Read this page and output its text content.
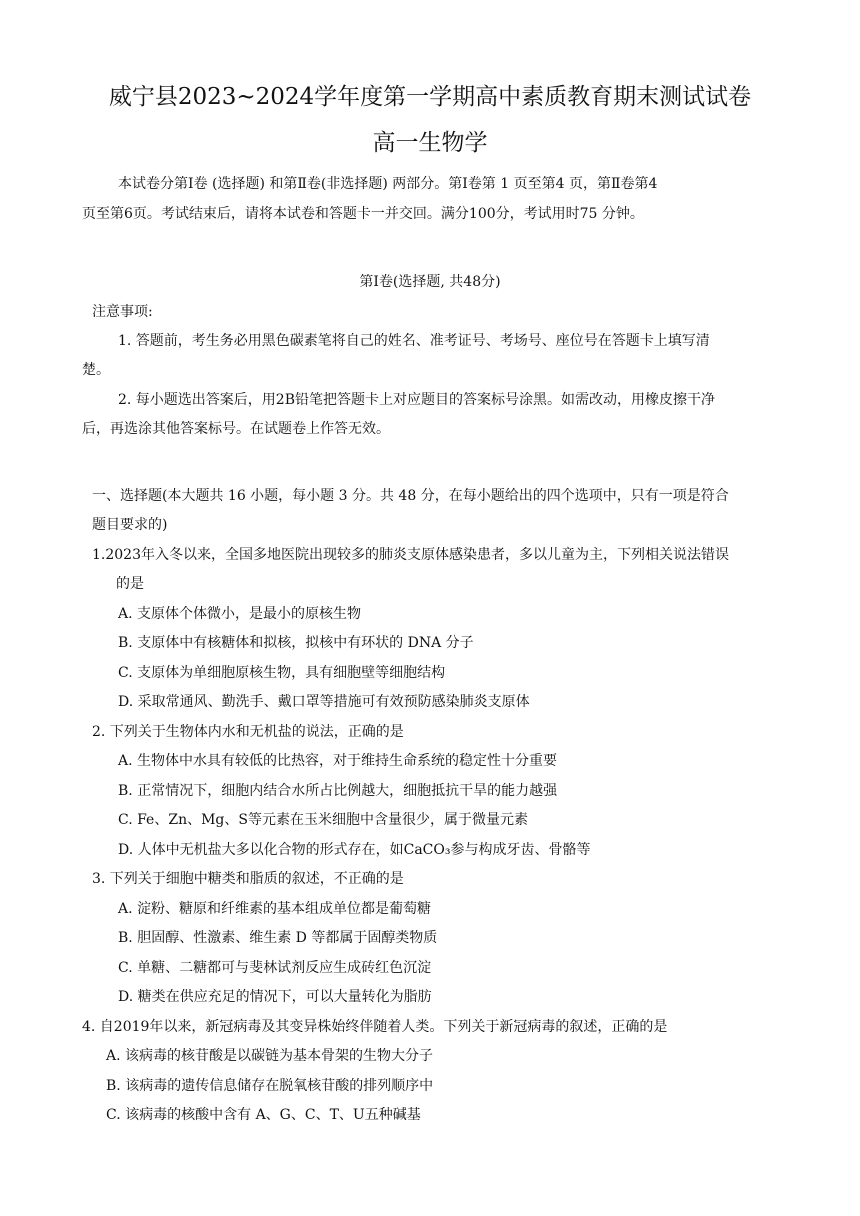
威宁县2023~2024学年度第一学期高中素质教育期末测试试卷
高一生物学
本试卷分第Ⅰ卷 (选择题) 和第Ⅱ卷(非选择题) 两部分。第Ⅰ卷第 1 页至第4 页，第Ⅱ卷第4
页至第6页。考试结束后，请将本试卷和答题卡一并交回。满分100分，考试用时75 分钟。
第Ⅰ卷(选择题, 共48分)
注意事项:
1. 答题前，考生务必用黑色碳素笔将自己的姓名、准考证号、考场号、座位号在答题卡上填写清
楚。
2. 每小题选出答案后，用2B铅笔把答题卡上对应题目的答案标号涂黑。如需改动，用橡皮擦干净
后，再选涂其他答案标号。在试题卷上作答无效。
一、选择题(本大题共 16 小题，每小题 3 分。共 48 分，在每小题给出的四个选项中，只有一项是符合
题目要求的)
1.2023年入冬以来，全国多地医院出现较多的肺炎支原体感染患者，多以儿童为主，下列相关说法错误
的是
A. 支原体个体微小，是最小的原核生物
B. 支原体中有核糖体和拟核，拟核中有环状的 DNA 分子
C. 支原体为单细胞原核生物，具有细胞壁等细胞结构
D. 采取常通风、勤洗手、戴口罩等措施可有效预防感染肺炎支原体
2. 下列关于生物体内水和无机盐的说法，正确的是
A. 生物体中水具有较低的比热容，对于维持生命系统的稳定性十分重要
B. 正常情况下，细胞内结合水所占比例越大，细胞抵抗干旱的能力越强
C. Fe、Zn、Mg、S等元素在玉米细胞中含量很少，属于微量元素
D. 人体中无机盐大多以化合物的形式存在，如CaCO₃参与构成牙齿、骨骼等
3. 下列关于细胞中糖类和脂质的叙述，不正确的是
A. 淀粉、糖原和纤维素的基本组成单位都是葡萄糖
B. 胆固醇、性激素、维生素 D 等都属于固醇类物质
C. 单糖、二糖都可与斐林试剂反应生成砖红色沉淀
D. 糖类在供应充足的情况下，可以大量转化为脂肪
4. 自2019年以来，新冠病毒及其变异株始终伴随着人类。下列关于新冠病毒的叙述，正确的是
A. 该病毒的核苷酸是以碳链为基本骨架的生物大分子
B. 该病毒的遗传信息储存在脱氧核苷酸的排列顺序中
C. 该病毒的核酸中含有 A、G、C、T、U五种碱基
